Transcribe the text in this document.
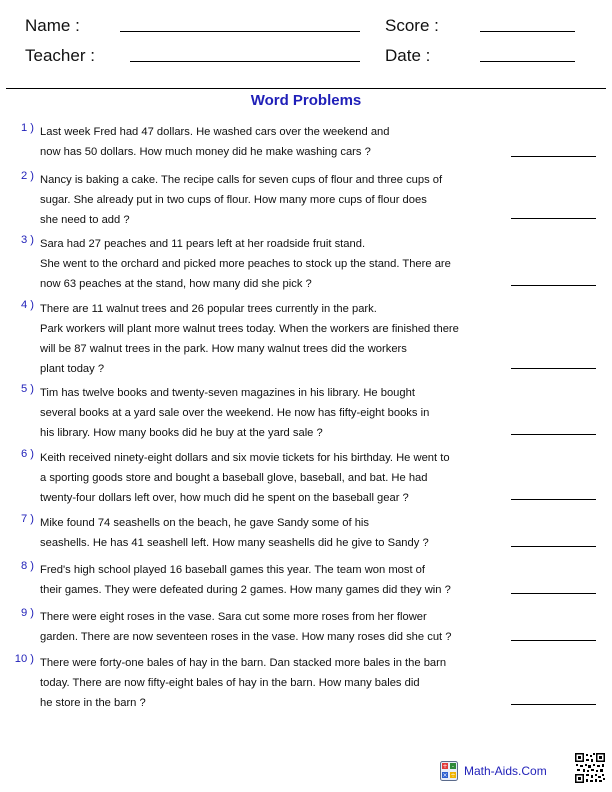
Name :	Score :
Teacher :	Date :
Word Problems
1 ) Last week Fred had 47 dollars. He washed cars over the weekend and
now has 50 dollars. How much money did he make washing cars ?
2 ) Nancy is baking a cake. The recipe calls for seven cups of flour and three cups of
sugar. She already put in two cups of flour. How many more cups of flour does
she need to add ?
3 ) Sara had 27 peaches and 11 pears left at her roadside fruit stand.
She went to the orchard and picked more peaches to stock up the stand. There are
now 63 peaches at the stand, how many did she pick ?
4 ) There are 11 walnut trees and 26 popular trees currently in the park.
Park workers will plant more walnut trees today. When the workers are finished there
will be 87 walnut trees in the park. How many walnut trees did the workers
plant today ?
5 ) Tim has twelve books and twenty-seven magazines in his library. He bought
several books at a yard sale over the weekend. He now has fifty-eight books in
his library. How many books did he buy at the yard sale ?
6 ) Keith received ninety-eight dollars and six movie tickets for his birthday. He went to
a sporting goods store and bought a baseball glove, baseball, and bat. He had
twenty-four dollars left over, how much did he spent on the baseball gear ?
7 ) Mike found 74 seashells on the beach, he gave Sandy some of his
seashells. He has 41 seashell left. How many seashells did he give to Sandy ?
8 ) Fred's high school played 16 baseball games this year. The team won most of
their games. They were defeated during 2 games. How many games did they win ?
9 ) There were eight roses in the vase. Sara cut some more roses from her flower
garden. There are now seventeen roses in the vase. How many roses did she cut ?
10 ) There were forty-one bales of hay in the barn. Dan stacked more bales in the barn
today. There are now fifty-eight bales of hay in the barn. How many bales did
he store in the barn ?
+ -
× ÷ Math-Aids.Com
